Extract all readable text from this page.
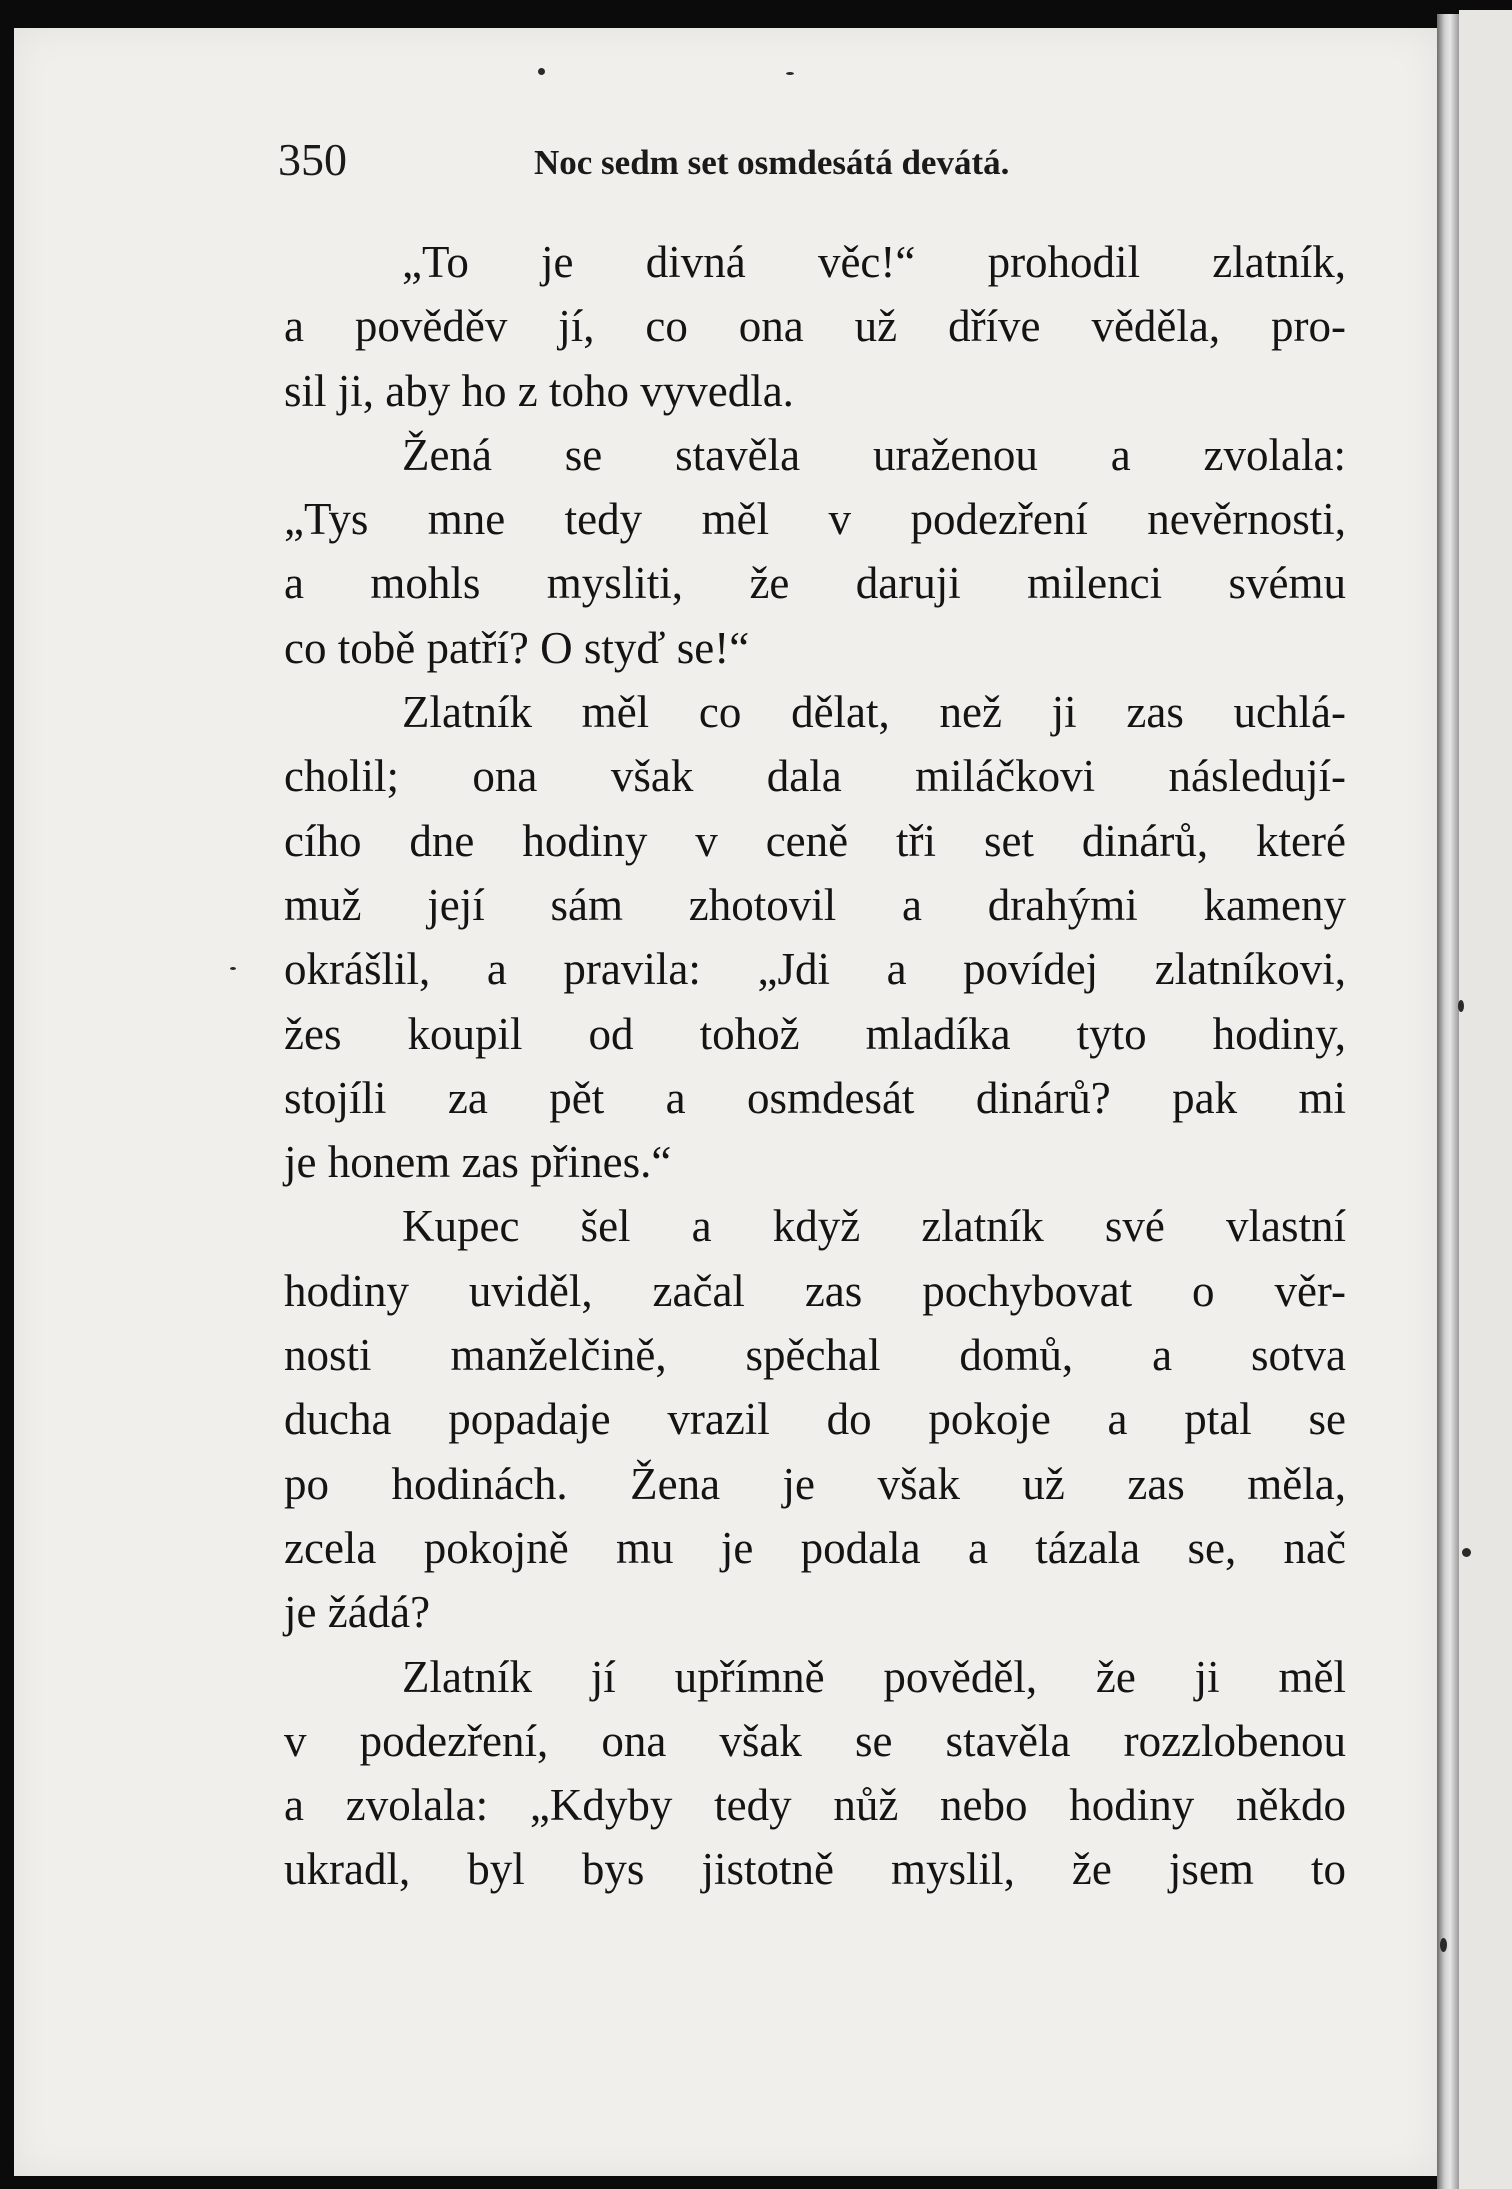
350	Noc sedm set osmdesátá devátá.
„To je divná věc!“ prohodil zlatník,
a pověděv jí, co ona už dříve věděla, pro-
sil ji, aby ho z toho vyvedla.
Žená se stavěla uraženou a zvolala:
„Tys mne tedy měl v podezření nevěrnosti,
a mohls mysliti, že daruji milenci svému
co tobě patří? O styď se!“
Zlatník měl co dělat, než ji zas uchlá-
cholil; ona však dala miláčkovi následují-
cího dne hodiny v ceně tři set dinárů, které
muž její sám zhotovil a drahými kameny
okrášlil, a pravila: „Jdi a povídej zlatníkovi,
žes koupil od tohož mladíka tyto hodiny,
stojíli za pět a osmdesát dinárů? pak mi
je honem zas přines.“
Kupec šel a když zlatník své vlastní
hodiny uviděl, začal zas pochybovat o věr-
nosti manželčině, spěchal domů, a sotva
ducha popadaje vrazil do pokoje a ptal se
po hodinách. Žena je však už zas měla,
zcela pokojně mu je podala a tázala se, nač
je žádá?
Zlatník jí upřímně pověděl, že ji měl
v podezření, ona však se stavěla rozzlobenou
a zvolala: „Kdyby tedy nůž nebo hodiny někdo
ukradl, byl bys jistotně myslil, že jsem to
